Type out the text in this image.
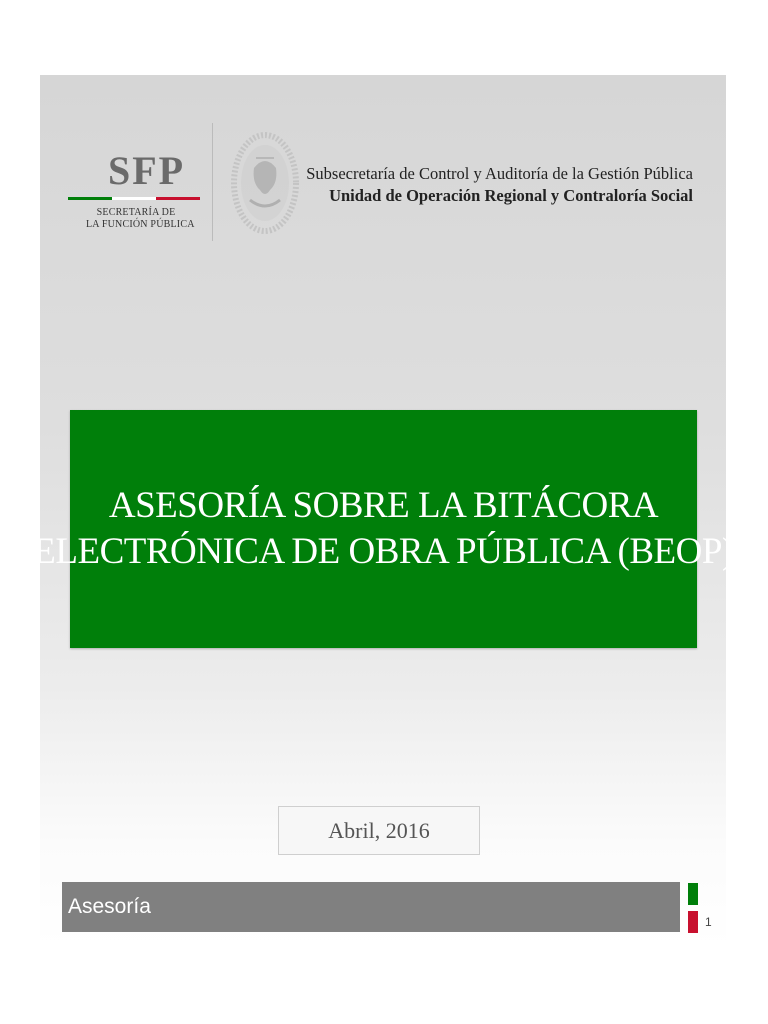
SFP
SECRETARÍA DE
LA FUNCIÓN PÚBLICA
Subsecretaría de Control y Auditoría de la Gestión Pública
Unidad de Operación Regional y Contraloría Social
ASESORÍA SOBRE LA BITÁCORA
ELECTRÓNICA DE OBRA PÚBLICA (BEOP)
Abril, 2016
Asesoría
1
